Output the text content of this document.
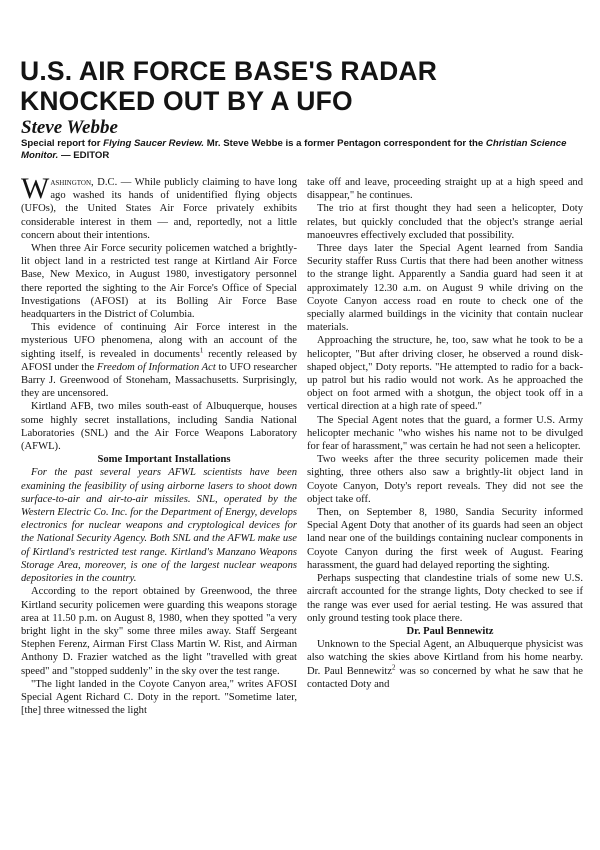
U.S. AIR FORCE BASE'S RADAR
KNOCKED OUT BY A UFO
Steve Webbe
Special report for Flying Saucer Review. Mr. Steve Webbe is a former Pentagon correspondent for the Christian Science Monitor. — EDITOR

Washington, D.C. — While publicly claiming to have long ago washed its hands of unidentified flying objects (UFOs), the United States Air Force privately exhibits considerable interest in them — and, reportedly, not a little concern about their intentions.

When three Air Force security policemen watched a brightly-lit object land in a restricted test range at Kirtland Air Force Base, New Mexico, in August 1980, investigatory personnel there reported the sighting to the Air Force's Office of Special Investigations (AFOSI) at its Bolling Air Force Base headquarters in the District of Columbia.

This evidence of continuing Air Force interest in the mysterious UFO phenomena, along with an account of the sighting itself, is revealed in documents$^1$ recently released by AFOSI under the Freedom of Information Act to UFO researcher Barry J. Greenwood of Stoneham, Massachusetts. Surprisingly, they are uncensored.

Kirtland AFB, two miles south-east of Albuquerque, houses some highly secret installations, including Sandia National Laboratories (SNL) and the Air Force Weapons Laboratory (AFWL).

Some Important Installations

For the past several years AFWL scientists have been examining the feasibility of using airborne lasers to shoot down surface-to-air and air-to-air missiles. SNL, operated by the Western Electric Co. Inc. for the Department of Energy, develops electronics for nuclear weapons and cryptological devices for the National Security Agency. Both SNL and the AFWL make use of Kirtland's restricted test range. Kirtland's Manzano Weapons Storage Area, moreover, is one of the largest nuclear weapons depositories in the country.

According to the report obtained by Greenwood, the three Kirtland security policemen were guarding this weapons storage area at 11.50 p.m. on August 8, 1980, when they spotted "a very bright light in the sky" some three miles away. Staff Sergeant Stephen Ferenz, Airman First Class Martin W. Rist, and Airman Anthony D. Frazier watched as the light "travelled with great speed" and "stopped suddenly" in the sky over the test range.

"The light landed in the Coyote Canyon area," writes AFOSI Special Agent Richard C. Doty in the report. "Sometime later, [the] three witnessed the light

take off and leave, proceeding straight up at a high speed and disappear," he continues.

The trio at first thought they had seen a helicopter, Doty relates, but quickly concluded that the object's strange aerial manoeuvres effectively excluded that possibility.

Three days later the Special Agent learned from Sandia Security staffer Russ Curtis that there had been another witness to the strange light. Apparently a Sandia guard had seen it at approximately 12.30 a.m. on August 9 while driving on the Coyote Canyon access road en route to check one of the specially alarmed buildings in the vicinity that contain nuclear materials.

Approaching the structure, he, too, saw what he took to be a helicopter, "But after driving closer, he observed a round disk-shaped object," Doty reports. "He attempted to radio for a back-up patrol but his radio would not work. As he approached the object on foot armed with a shotgun, the object took off in a vertical direction at a high rate of speed."

The Special Agent notes that the guard, a former U.S. Army helicopter mechanic "who wishes his name not to be divulged for fear of harassment," was certain he had not seen a helicopter.

Two weeks after the three security policemen made their sighting, three others also saw a brightly-lit object land in Coyote Canyon, Doty's report reveals. They did not see the object take off.

Then, on September 8, 1980, Sandia Security informed Special Agent Doty that another of its guards had seen an object land near one of the buildings containing nuclear components in Coyote Canyon during the first week of August. Fearing harassment, the guard had delayed reporting the sighting.

Perhaps suspecting that clandestine trials of some new U.S. aircraft accounted for the strange lights, Doty checked to see if the range was ever used for aerial testing. He was assured that only ground testing took place there.

Dr. Paul Bennewitz

Unknown to the Special Agent, an Albuquerque physicist was also watching the skies above Kirtland from his home nearby. Dr. Paul Bennewitz$^2$ was so concerned by what he saw that he contacted Doty and
